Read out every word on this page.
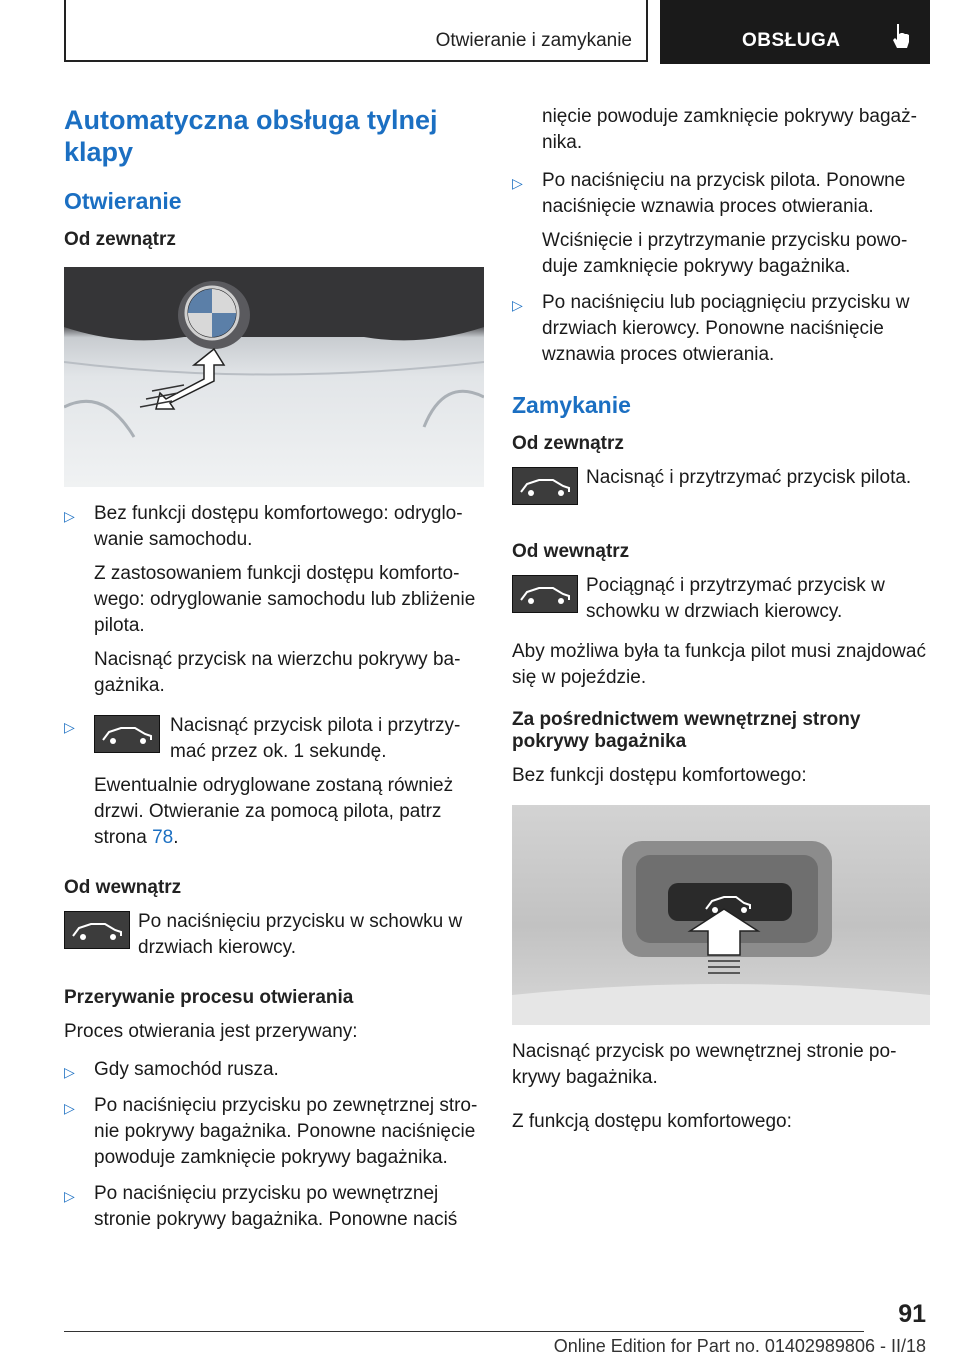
Otwieranie i zamykanie	OBSŁUGA
Automatyczna obsługa tylnej klapy
Otwieranie
Od zewnątrz
▷ Bez funkcji dostępu komfortowego: odryglowanie samochodu.
Z zastosowaniem funkcji dostępu komfortowego: odryglowanie samochodu lub zbliżenie pilota.
Nacisnąć przycisk na wierzchu pokrywy bagażnika.
▷	Nacisnąć przycisk pilota i przytrzymać przez ok. 1 sekundę.
Ewentualnie odryglowane zostaną również drzwi. Otwieranie za pomocą pilota, patrz strona 78.
Od wewnątrz
Po naciśnięciu przycisku w schowku w drzwiach kierowcy.
Przerywanie procesu otwierania

Proces otwierania jest przerywany:

▷ Gdy samochód rusza.
▷ Po naciśnięciu przycisku po zewnętrznej stronie pokrywy bagażnika. Ponowne naciśnięcie powoduje zamknięcie pokrywy bagażnika.
▷ Po naciśnięciu przycisku po wewnętrznej stronie pokrywy bagażnika. Ponowne naciś
nięcie powoduje zamknięcie pokrywy bagażnika.
▷ Po naciśnięciu na przycisk pilota. Ponowne naciśnięcie wznawia proces otwierania.
Wciśnięcie i przytrzymanie przycisku powoduje zamknięcie pokrywy bagażnika.
▷ Po naciśnięciu lub pociągnięciu przycisku w drzwiach kierowcy. Ponowne naciśnięcie wznawia proces otwierania.
Zamykanie
Od zewnątrz
Nacisnąć i przytrzymać przycisk pilota.
Od wewnątrz
Pociągnąć i przytrzymać przycisk w schowku w drzwiach kierowcy.

Aby możliwa była ta funkcja pilot musi znajdować się w pojeździe.

Za pośrednictwem wewnętrznej strony pokrywy bagażnika

Bez funkcji dostępu komfortowego:

Nacisnąć przycisk po wewnętrznej stronie pokrywy bagażnika.

Z funkcją dostępu komfortowego:

91
Online Edition for Part no. 01402989806 - II/18
